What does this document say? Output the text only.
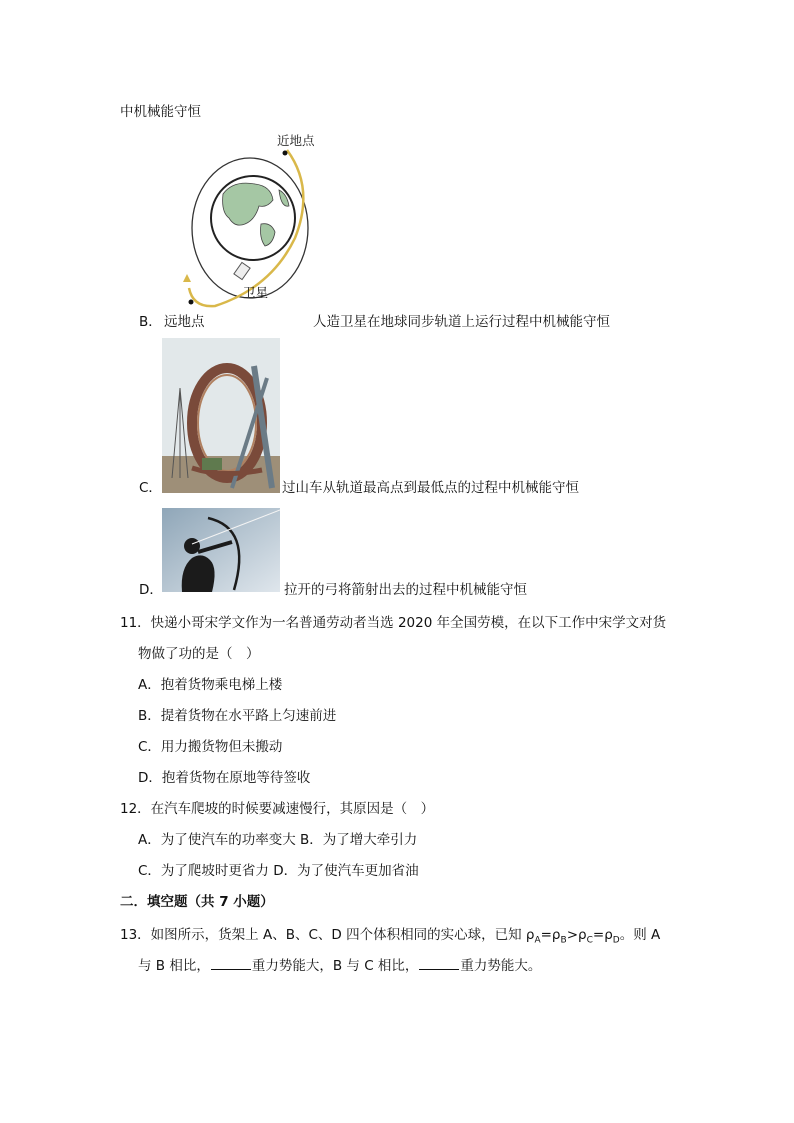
中机械能守恒
近地点
卫星
B． 远地点	人造卫星在地球同步轨道上运行过程中机械能守恒
C．	过山车从轨道最高点到最低点的过程中机械能守恒
D．	拉开的弓将箭射出去的过程中机械能守恒
11．快递小哥宋学文作为一名普通劳动者当选 2020 年全国劳模，在以下工作中宋学文对货
物做了功的是（　）
A．抱着货物乘电梯上楼
B．提着货物在水平路上匀速前进
C．用力搬货物但未搬动
D．抱着货物在原地等待签收
12．在汽车爬坡的时候要减速慢行，其原因是（　）
A．为了使汽车的功率变大 B．为了增大牵引力
C．为了爬坡时更省力 D．为了使汽车更加省油
二．填空题（共 7 小题）
13．如图所示，货架上 A、B、C、D 四个体积相同的实心球，已知 $\rho_A=\rho_B>\rho_C=\rho_D$。则 A
与 B 相比，	重力势能大，B 与 C 相比，	重力势能大。
